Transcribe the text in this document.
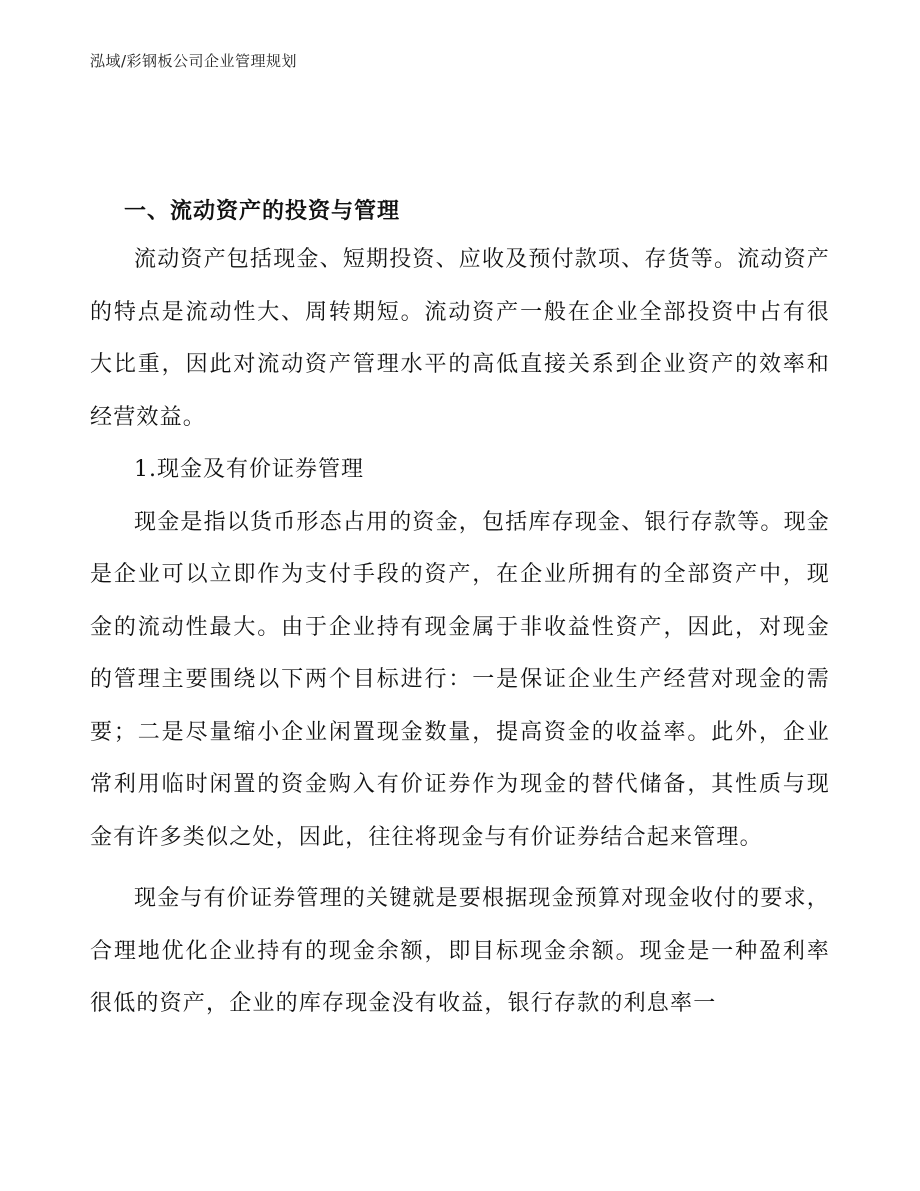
泓域/彩钢板公司企业管理规划
一、流动资产的投资与管理

流动资产包括现金、短期投资、应收及预付款项、存货等。流动资产的特点是流动性大、周转期短。流动资产一般在企业全部投资中占有很大比重，因此对流动资产管理水平的高低直接关系到企业资产的效率和经营效益。

1.现金及有价证券管理

现金是指以货币形态占用的资金，包括库存现金、银行存款等。现金是企业可以立即作为支付手段的资产，在企业所拥有的全部资产中，现金的流动性最大。由于企业持有现金属于非收益性资产，因此，对现金的管理主要围绕以下两个目标进行：一是保证企业生产经营对现金的需要；二是尽量缩小企业闲置现金数量，提高资金的收益率。此外，企业常利用临时闲置的资金购入有价证券作为现金的替代储备，其性质与现金有许多类似之处，因此，往往将现金与有价证券结合起来管理。

现金与有价证券管理的关键就是要根据现金预算对现金收付的要求，合理地优化企业持有的现金余额，即目标现金余额。现金是一种盈利率很低的资产，企业的库存现金没有收益，银行存款的利息率一
